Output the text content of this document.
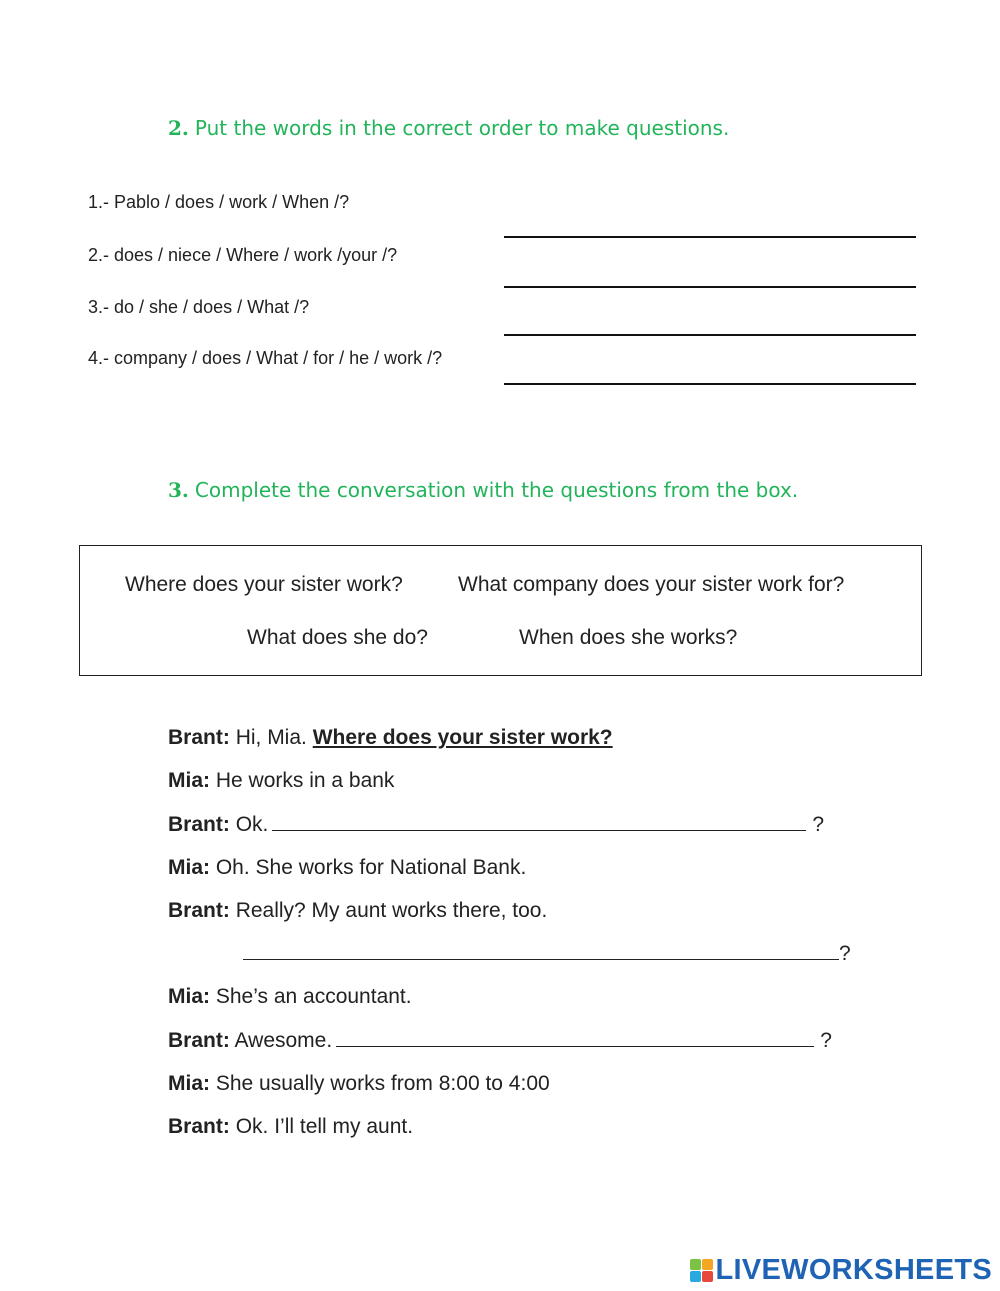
2. Put the words in the correct order to make questions.
1.- Pablo / does / work / When /?
2.- does / niece / Where / work /your /?
3.- do / she / does / What /?
4.- company / does / What / for / he / work /?
3. Complete the conversation with the questions from the box.
Where does your sister work?	What company does your sister work for?
What does she do?	When does she works?
Brant: Hi, Mia. Where does your sister work?
Mia: He works in a bank
Brant: Ok.	?
Mia: Oh. She works for National Bank.
Brant: Really? My aunt works there, too.
?
Mia: She’s an accountant.
Brant: Awesome.	?
Mia: She usually works from 8:00 to 4:00
Brant: Ok. I’ll tell my aunt.
LIVEWORKSHEETS
